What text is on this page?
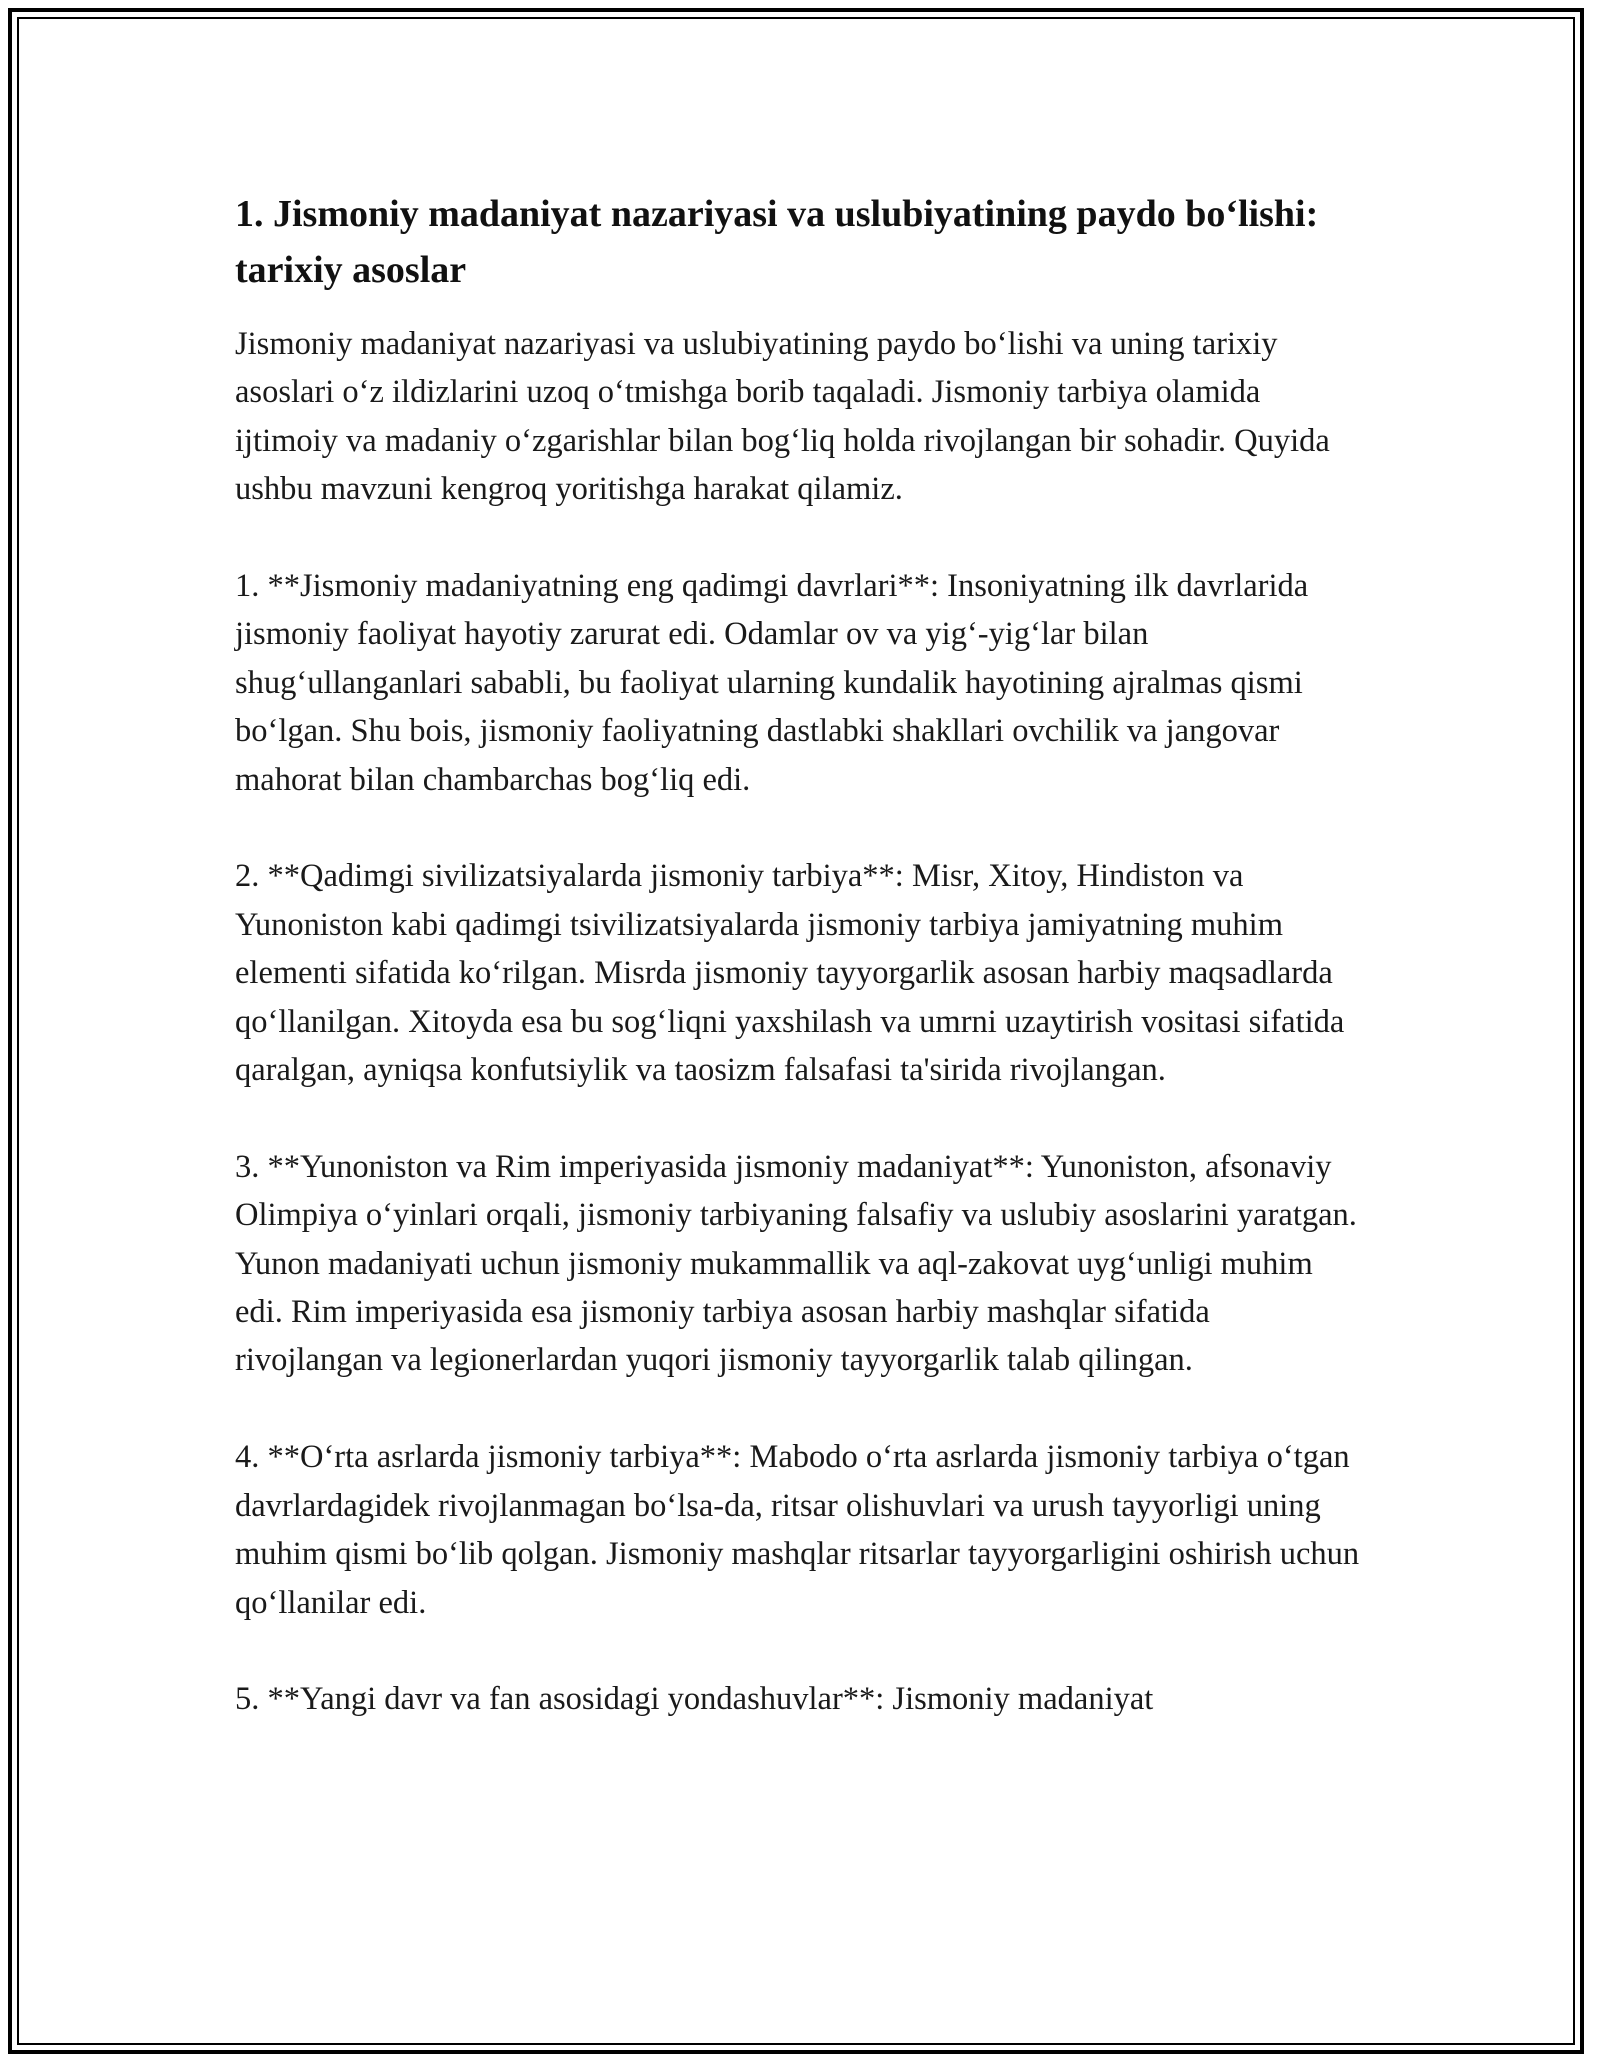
1. Jismoniy madaniyat nazariyasi va uslubiyatining paydo bo‘lishi: tarixiy asoslar

Jismoniy madaniyat nazariyasi va uslubiyatining paydo bo‘lishi va uning tarixiy asoslari o‘z ildizlarini uzoq o‘tmishga borib taqaladi. Jismoniy tarbiya olamida ijtimoiy va madaniy o‘zgarishlar bilan bog‘liq holda rivojlangan bir sohadir. Quyida ushbu mavzuni kengroq yoritishga harakat qilamiz.

1. **Jismoniy madaniyatning eng qadimgi davrlari**: Insoniyatning ilk davrlarida jismoniy faoliyat hayotiy zarurat edi. Odamlar ov va yig‘-yig‘lar bilan shug‘ullanganlari sababli, bu faoliyat ularning kundalik hayotining ajralmas qismi bo‘lgan. Shu bois, jismoniy faoliyatning dastlabki shakllari ovchilik va jangovar mahorat bilan chambarchas bog‘liq edi.

2. **Qadimgi sivilizatsiyalarda jismoniy tarbiya**: Misr, Xitoy, Hindiston va Yunoniston kabi qadimgi tsivilizatsiyalarda jismoniy tarbiya jamiyatning muhim elementi sifatida ko‘rilgan. Misrda jismoniy tayyorgarlik asosan harbiy maqsadlarda qo‘llanilgan. Xitoyda esa bu sog‘liqni yaxshilash va umrni uzaytirish vositasi sifatida qaralgan, ayniqsa konfutsiylik va taosizm falsafasi ta'sirida rivojlangan.

3. **Yunoniston va Rim imperiyasida jismoniy madaniyat**: Yunoniston, afsonaviy Olimpiya o‘yinlari orqali, jismoniy tarbiyaning falsafiy va uslubiy asoslarini yaratgan. Yunon madaniyati uchun jismoniy mukammallik va aql-zakovat uyg‘unligi muhim edi. Rim imperiyasida esa jismoniy tarbiya asosan harbiy mashqlar sifatida rivojlangan va legionerlardan yuqori jismoniy tayyorgarlik talab qilingan.

4. **O‘rta asrlarda jismoniy tarbiya**: Mabodo o‘rta asrlarda jismoniy tarbiya o‘tgan davrlardagidek rivojlanmagan bo‘lsa-da, ritsar olishuvlari va urush tayyorligi uning muhim qismi bo‘lib qolgan. Jismoniy mashqlar ritsarlar tayyorgarligini oshirish uchun qo‘llanilar edi.

5. **Yangi davr va fan asosidagi yondashuvlar**: Jismoniy madaniyat
